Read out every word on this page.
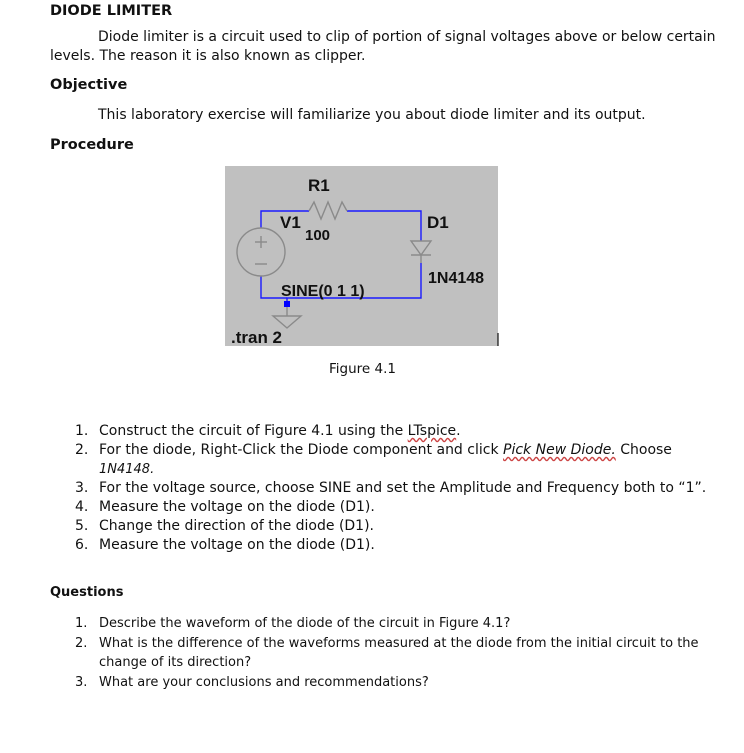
DIODE LIMITER
Diode limiter is a circuit used to clip of portion of signal voltages above or below certain
levels. The reason it is also known as clipper.
Objective
This laboratory exercise will familiarize you about diode limiter and its output.
Procedure
R1
V1
100
D1
1N4148
SINE(0 1 1)
.tran 2
Figure 4.1
1. Construct the circuit of Figure 4.1 using the LTspice.
2. For the diode, Right-Click the Diode component and click Pick New Diode. Choose
1N4148.
3. For the voltage source, choose SINE and set the Amplitude and Frequency both to “1”.
4. Measure the voltage on the diode (D1).
5. Change the direction of the diode (D1).
6. Measure the voltage on the diode (D1).
Questions
1. Describe the waveform of the diode of the circuit in Figure 4.1?
2. What is the difference of the waveforms measured at the diode from the initial circuit to the
change of its direction?
3. What are your conclusions and recommendations?
